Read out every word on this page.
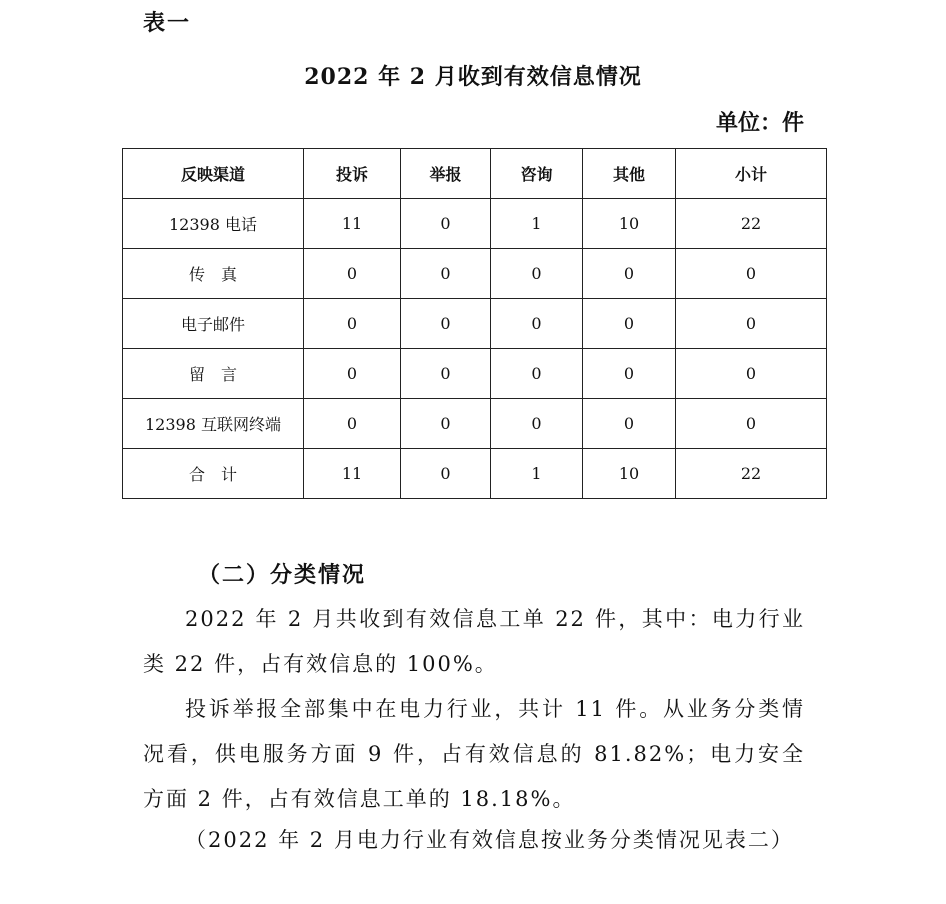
表一
2022 年 2 月收到有效信息情况
单位：件
反映渠道	投诉	举报	咨询	其他	小计
12398 电话	11	0	1	10	22
传　真	0	0	0	0	0
电子邮件	0	0	0	0	0
留　言	0	0	0	0	0
12398 互联网终端	0	0	0	0	0
合　计	11	0	1	10	22
（二）分类情况

2022 年 2 月共收到有效信息工单 22 件，其中：电力行业类 22 件，占有效信息的 100%。

投诉举报全部集中在电力行业，共计 11 件。从业务分类情况看，供电服务方面 9 件，占有效信息的 81.82%；电力安全方面 2 件，占有效信息工单的 18.18%。

（2022 年 2 月电力行业有效信息按业务分类情况见表二）
